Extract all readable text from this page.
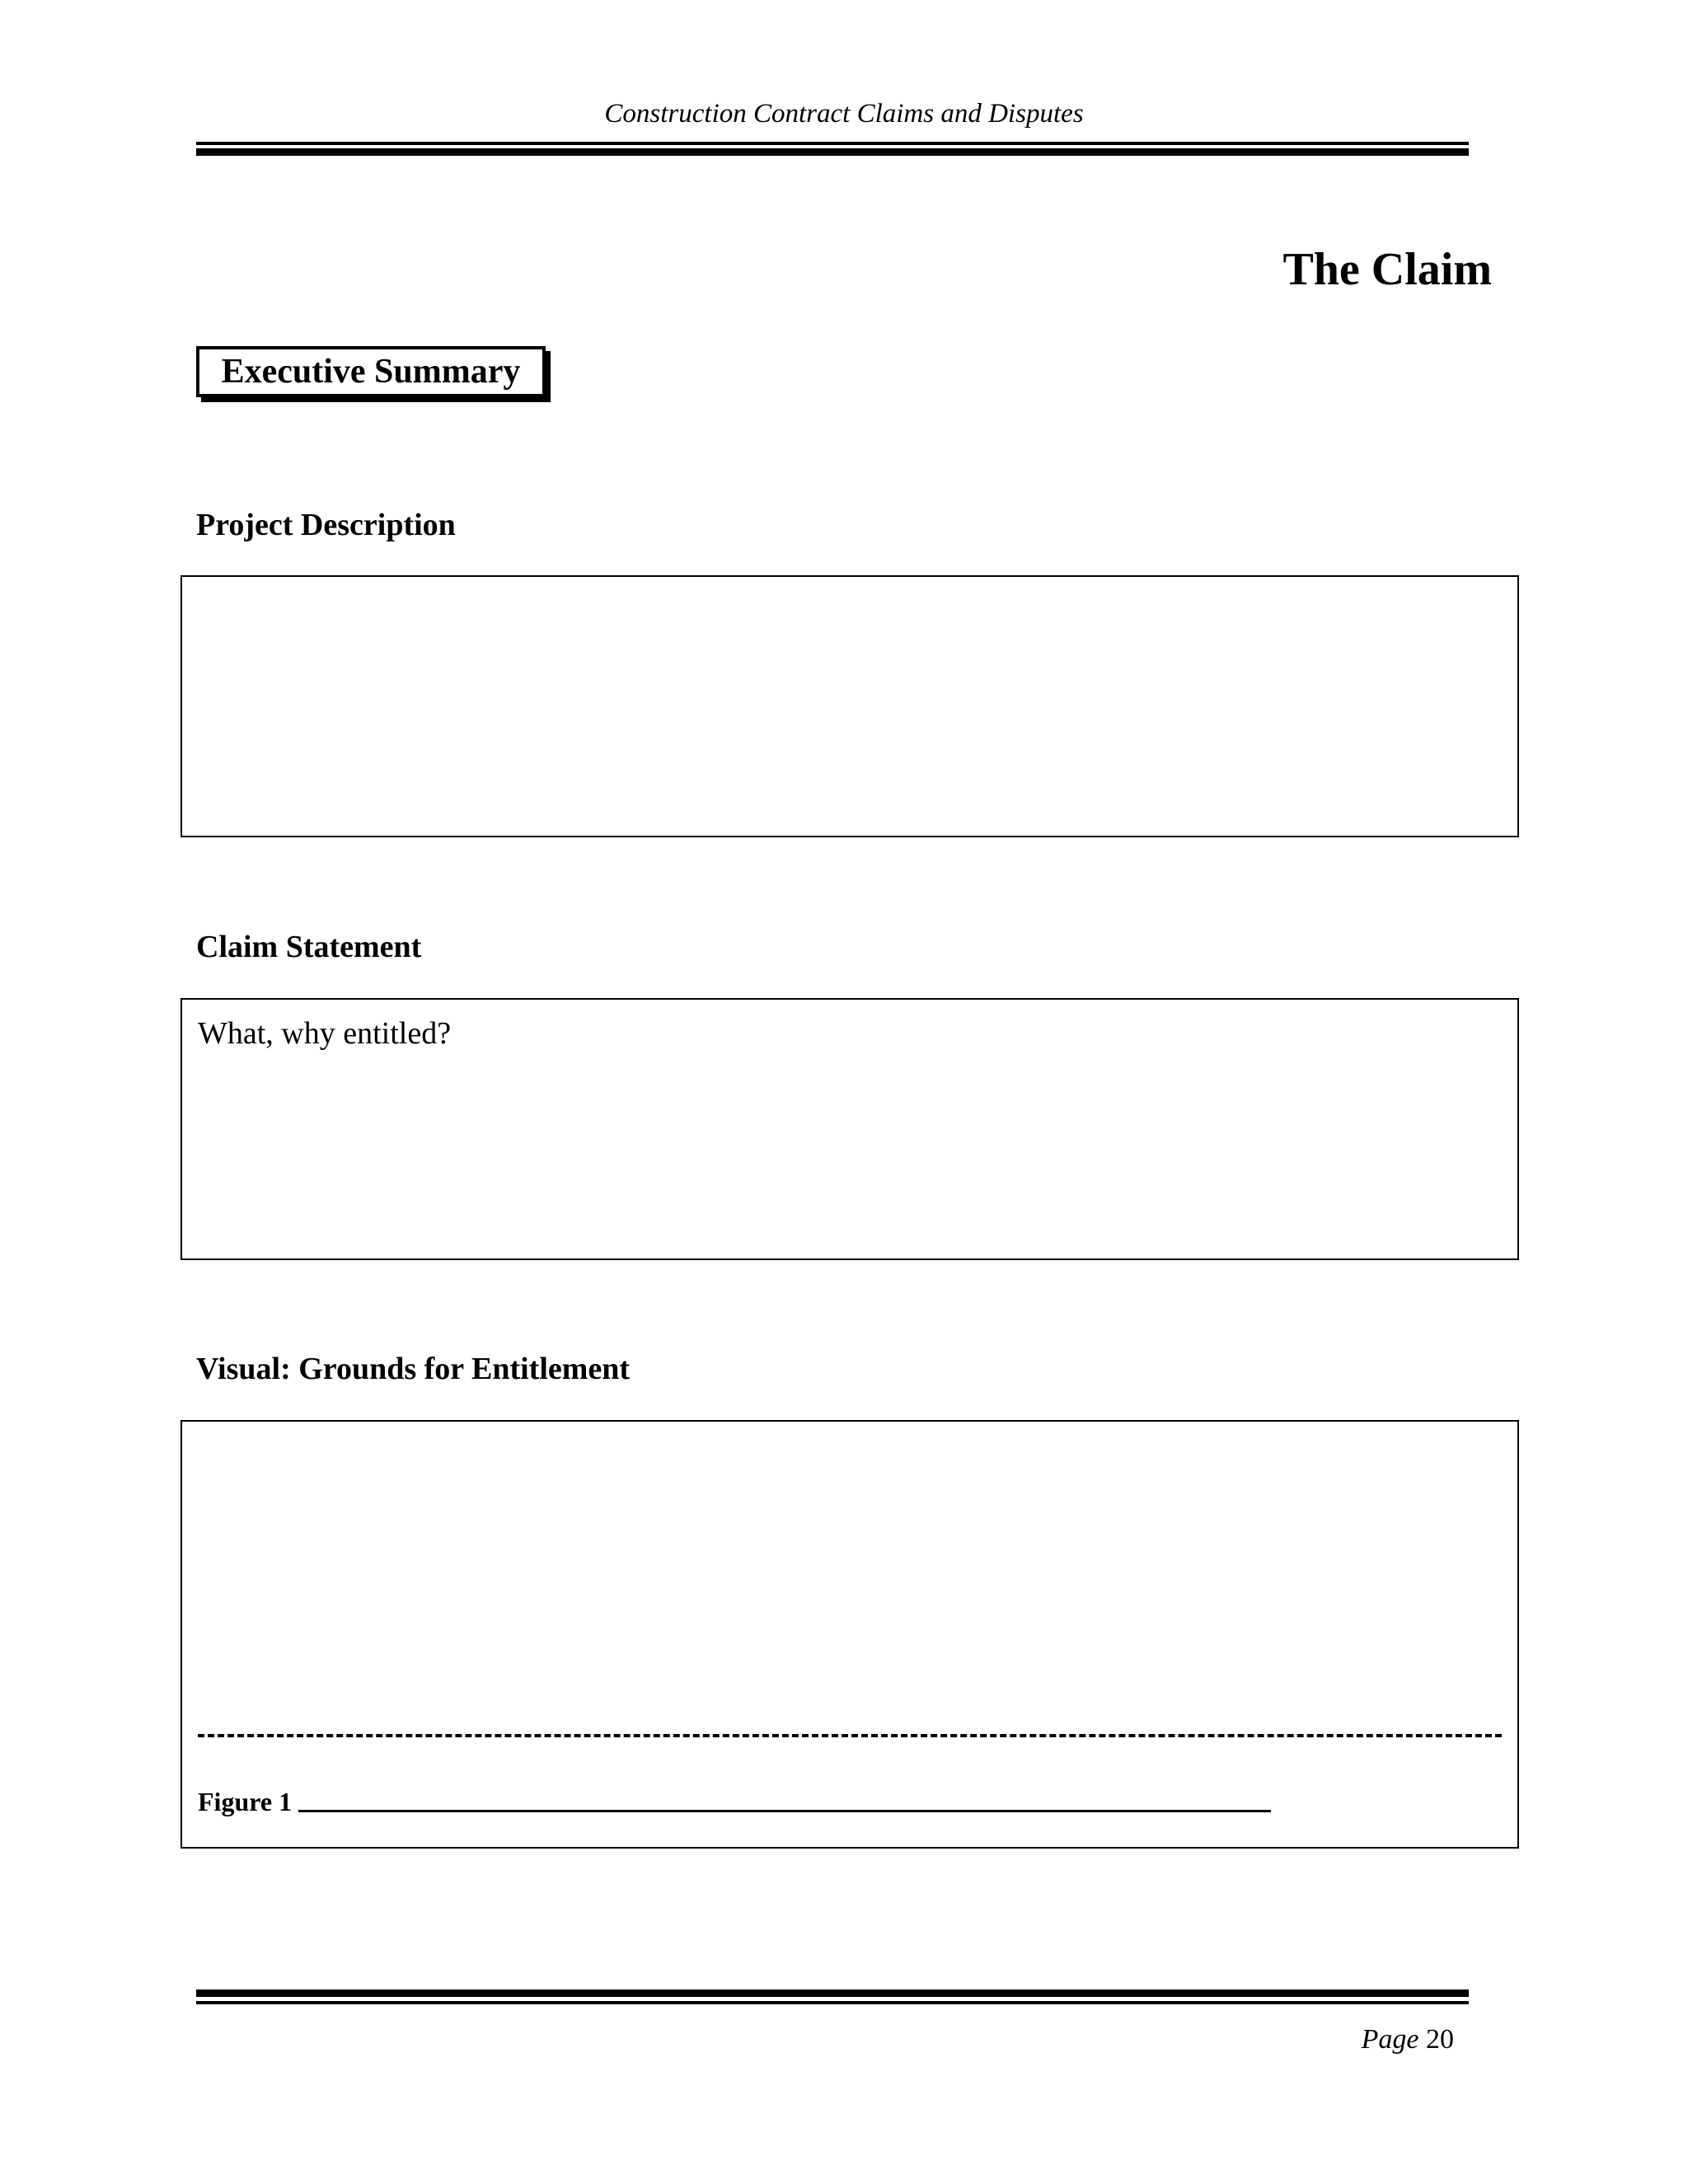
Construction Contract Claims and Disputes
The Claim
Executive Summary
Project Description
Claim Statement
What, why entitled?
Visual: Grounds for Entitlement
Figure 1
Page 20
